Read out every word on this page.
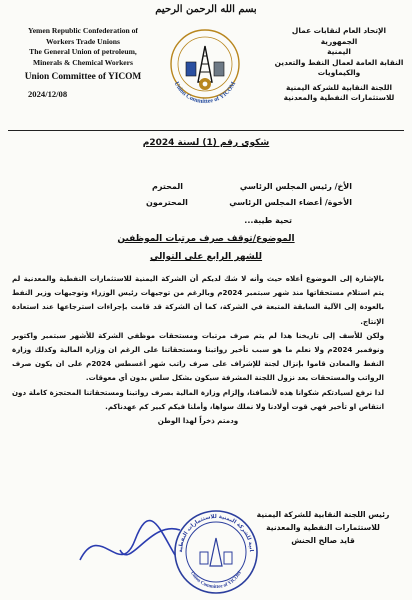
بسم الله الرحمن الرحيم
Yemen Republic Confederation of
Workers Trade Unions
The General Union of petroleum,
Minerals & Chemical Workers
Union Committee of YICOM
2024/12/08
Union Committee of YICOM
الإتحاد العام لنقابات عمال الجمهورية
اليمنية
النقابة العامة لعمال النفط والتعدين
والكيماويات
اللجنة النقابية للشركة اليمنية
للاستثمارات النفطية والمعدنية
شكوى رقم (1) لسنة 2024م
الأخ/ رئيس المجلس الرئاسي
المحترم
الأخوة/ أعضاء المجلس الرئاسي
المحترمون
تحية طيبة...
الموضوع/توقف صرف مرتبات الموظفين
للشهر الرابع على التوالي

بالإشارة إلى الموضوع أعلاه حيث وأنه لا شك لديكم أن الشركة اليمنية للاستثمارات النفطية والمعدنية لم يتم استلام مستحقاتها منذ شهر سبتمبر 2024م وبالرغم من توجيهات رئيس الوزراء وتوجيهات وزير النفط بالعودة إلى الآلية السابقة المتبعة في الشركة، كما أن الشركة قد قامت بإجراءات استرجاعها عند استعادة الإنتاج.

ولكن للأسف إلى تاريخنا هذا لم يتم صرف مرتبات ومستحقات موظفي الشركة للأشهر سبتمبر واكتوبر ونوفمبر 2024م ولا نعلم ما هو سبب تأخير رواتبنا ومستحقاتنا على الرغم ان وزارة المالية وكذلك وزارة النفط والمعادن قاموا بإنزال لجنة للإشراف على صرف راتب شهر أغسطس 2024م على ان يكون صرف الرواتب والمستحقات بعد نزول اللجنة المشرفة سيكون بشكل سلس بدون أي معوقات.

لذا نرفع لسيادتكم شكوانا هذه لأنصافنا، وإلزام وزارة المالية بصرف رواتبنا ومستحقاتنا المحتجزة كاملة دون انتقاص او تأخير فهي قوت أولادنا ولا نملك سواها، وأملنا فيكم كبير كم عهدناكم.

ودمتم ذخراً لهذا الوطن

رئيس اللجنة النقابية للشركة اليمنية
للاستثمارات النفطية والمعدنية
قايد صالح الحنش
ابية للشركة اليمنية للاستثمارات النفطية
Union Committee of YICOM
